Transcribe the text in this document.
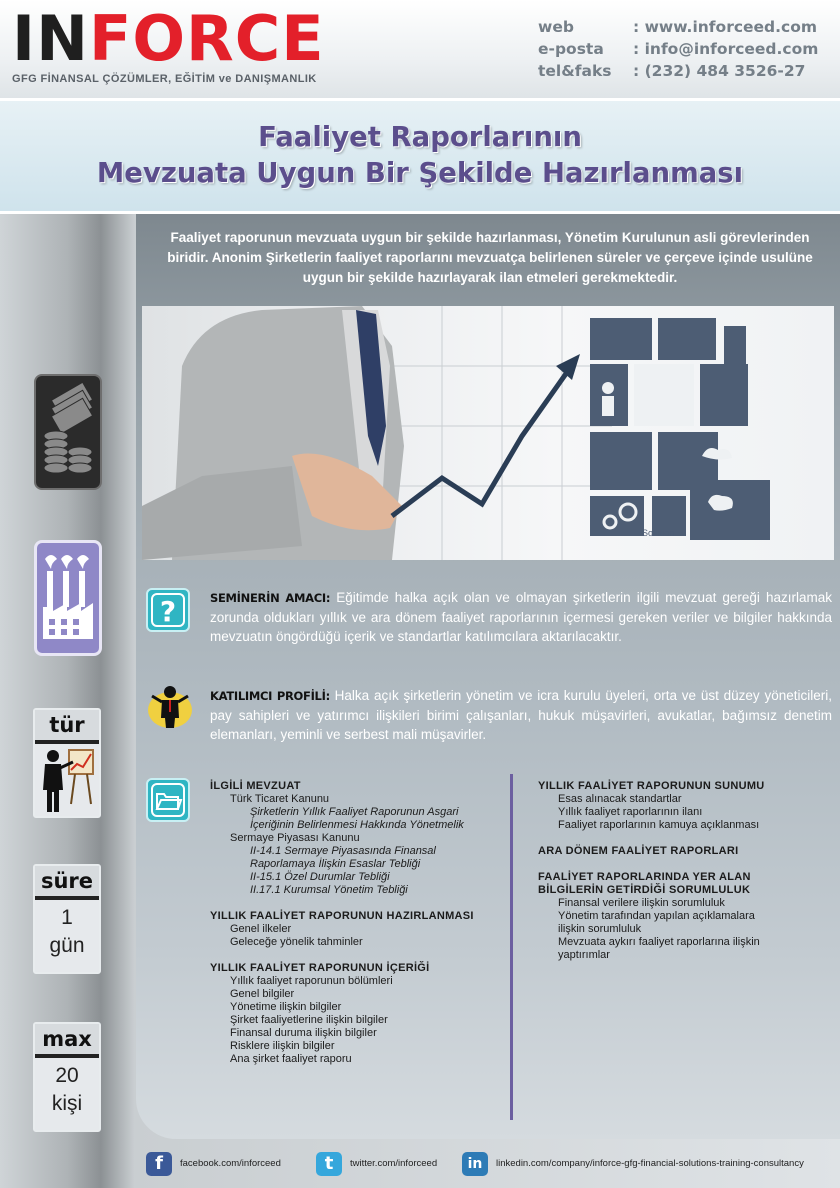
INFORCE
GFG FİNANSAL ÇÖZÜMLER, EĞİTİM ve DANIŞMANLIK
web	: www.inforceed.com
e-posta	: info@inforceed.com
tel&faks	: (232) 484 3526-27
Faaliyet Raporlarının
Mevzuata Uygun Bir Şekilde Hazırlanması
tür
süre
1
gün
max
20
kişi
Faaliyet raporunun mevzuata uygun bir şekilde hazırlanması, Yönetim Kurulunun asli görevlerinden biridir. Anonim Şirketlerin faaliyet raporlarını mevzuatça belirlenen süreler ve çerçeve içinde usulüne uygun bir şekilde hazırlayarak ilan etmeleri gerekmektedir.
Solution
?	SEMİNERİN AMACI: Eğitimde halka açık olan ve olmayan şirketlerin ilgili mevzuat gereği hazırlamak zorunda oldukları yıllık ve ara dönem faaliyet raporlarının içermesi gereken veriler ve bilgiler hakkında mevzuatın öngördüğü içerik ve standartlar katılımcılara aktarılacaktır.
KATILIMCI PROFİLİ: Halka açık şirketlerin yönetim ve icra kurulu üyeleri, orta ve üst düzey yöneticileri, pay sahipleri ve yatırımcı ilişkileri birimi çalışanları, hukuk müşavirleri, avukatlar, bağımsız denetim elemanları, yeminli ve serbest mali müşavirler.
İLGİLİ MEVZUAT
Türk Ticaret Kanunu
Şirketlerin Yıllık Faaliyet Raporunun Asgari
İçeriğinin Belirlenmesi Hakkında Yönetmelik
Sermaye Piyasası Kanunu
II-14.1 Sermaye Piyasasında Finansal
Raporlamaya İlişkin Esaslar Tebliği
II-15.1 Özel Durumlar Tebliği
II.17.1 Kurumsal Yönetim Tebliği
YILLIK FAALİYET RAPORUNUN HAZIRLANMASI
Genel ilkeler
Geleceğe yönelik tahminler
YILLIK FAALİYET RAPORUNUN İÇERİĞİ
Yıllık faaliyet raporunun bölümleri
Genel bilgiler
Yönetime ilişkin bilgiler
Şirket faaliyetlerine ilişkin bilgiler
Finansal duruma ilişkin bilgiler
Risklere ilişkin bilgiler
Ana şirket faaliyet raporu
YILLIK FAALİYET RAPORUNUN SUNUMU
Esas alınacak standartlar
Yıllık faaliyet raporlarının ilanı
Faaliyet raporlarının kamuya açıklanması
ARA DÖNEM FAALİYET RAPORLARI
FAALİYET RAPORLARINDA YER ALAN
BİLGİLERİN GETİRDİĞİ SORUMLULUK
Finansal verilere ilişkin sorumluluk
Yönetim tarafından yapılan açıklamalara
ilişkin sorumluluk
Mevzuata aykırı faaliyet raporlarına ilişkin
yaptırımlar
f	facebook.com/inforceed	t	twitter.com/inforceed	in	linkedin.com/company/inforce-gfg-financial-solutions-training-consultancy
